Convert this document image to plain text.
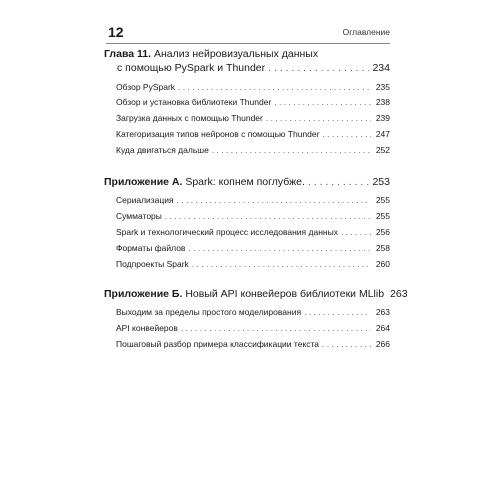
12	Оглавление
Глава 11. Анализ нейровизуальных данных
с помощью PySpark и Thunder . . .	234
Обзор PySpark . . .	235
Обзор и установка библиотеки Thunder . . .	238
Загрузка данных с помощью Thunder . . .	239
Категоризация типов нейронов с помощью Thunder . . .	247
Куда двигаться дальше . . .	252
Приложение А. Spark: копнем поглубже. . . .	253
Сериализация . . .	255
Сумматоры . . .	255
Spark и технологический процесс исследования данных . . .	256
Форматы файлов . . .	258
Подпроекты Spark . . .	260
Приложение Б. Новый API конвейеров библиотеки MLlib 263
Выходим за пределы простого моделирования . . .	263
API конвейеров . . .	264
Пошаговый разбор примера классификации текста . . .	266
